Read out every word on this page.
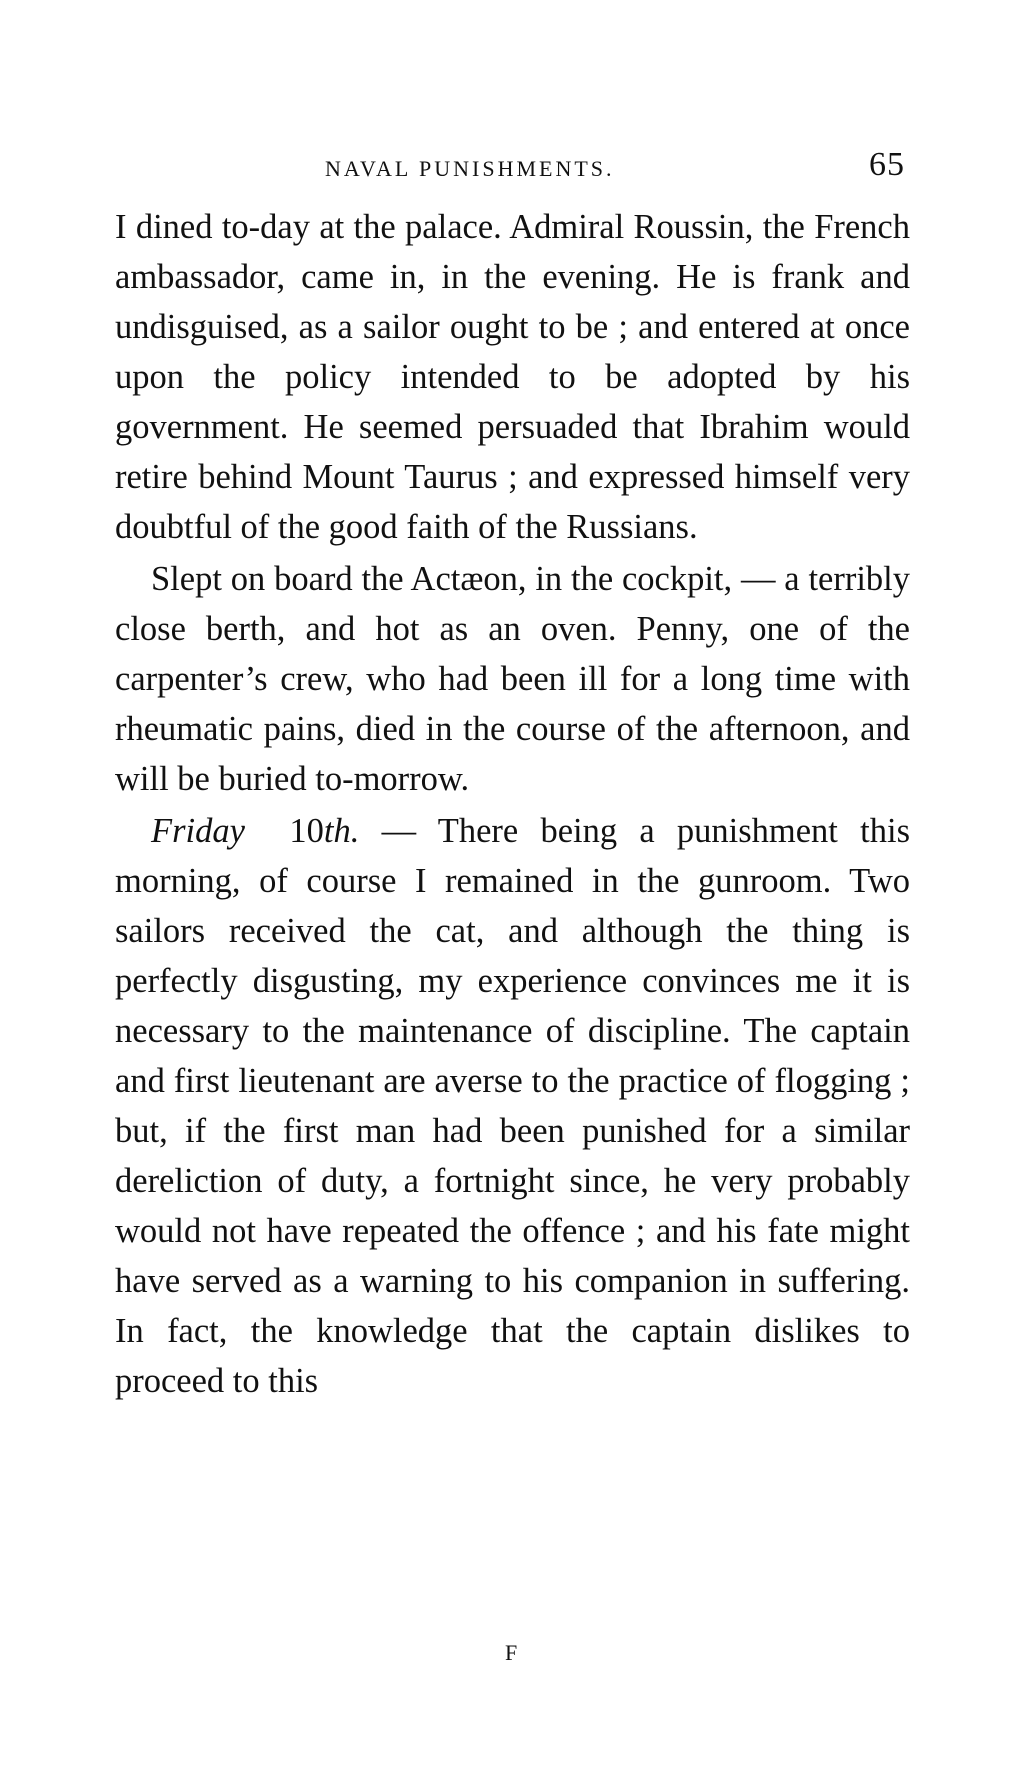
NAVAL PUNISHMENTS.	65

I dined to-day at the palace. Admiral Roussin, the French ambassador, came in, in the evening. He is frank and undisguised, as a sailor ought to be ; and entered at once upon the policy intended to be adopted by his government. He seemed persuaded that Ibrahim would retire behind Mount Taurus ; and expressed himself very doubtful of the good faith of the Russians.

Slept on board the Actæon, in the cockpit, — a terribly close berth, and hot as an oven. Penny, one of the carpenter’s crew, who had been ill for a long time with rheumatic pains, died in the course of the afternoon, and will be buried to-morrow.

Friday 10th. — There being a punishment this morning, of course I remained in the gunroom. Two sailors received the cat, and although the thing is perfectly disgusting, my experience convinces me it is necessary to the maintenance of discipline. The captain and first lieutenant are averse to the practice of flogging ; but, if the first man had been punished for a similar dereliction of duty, a fortnight since, he very probably would not have repeated the offence ; and his fate might have served as a warning to his companion in suffering. In fact, the knowledge that the captain dislikes to proceed to this

F
